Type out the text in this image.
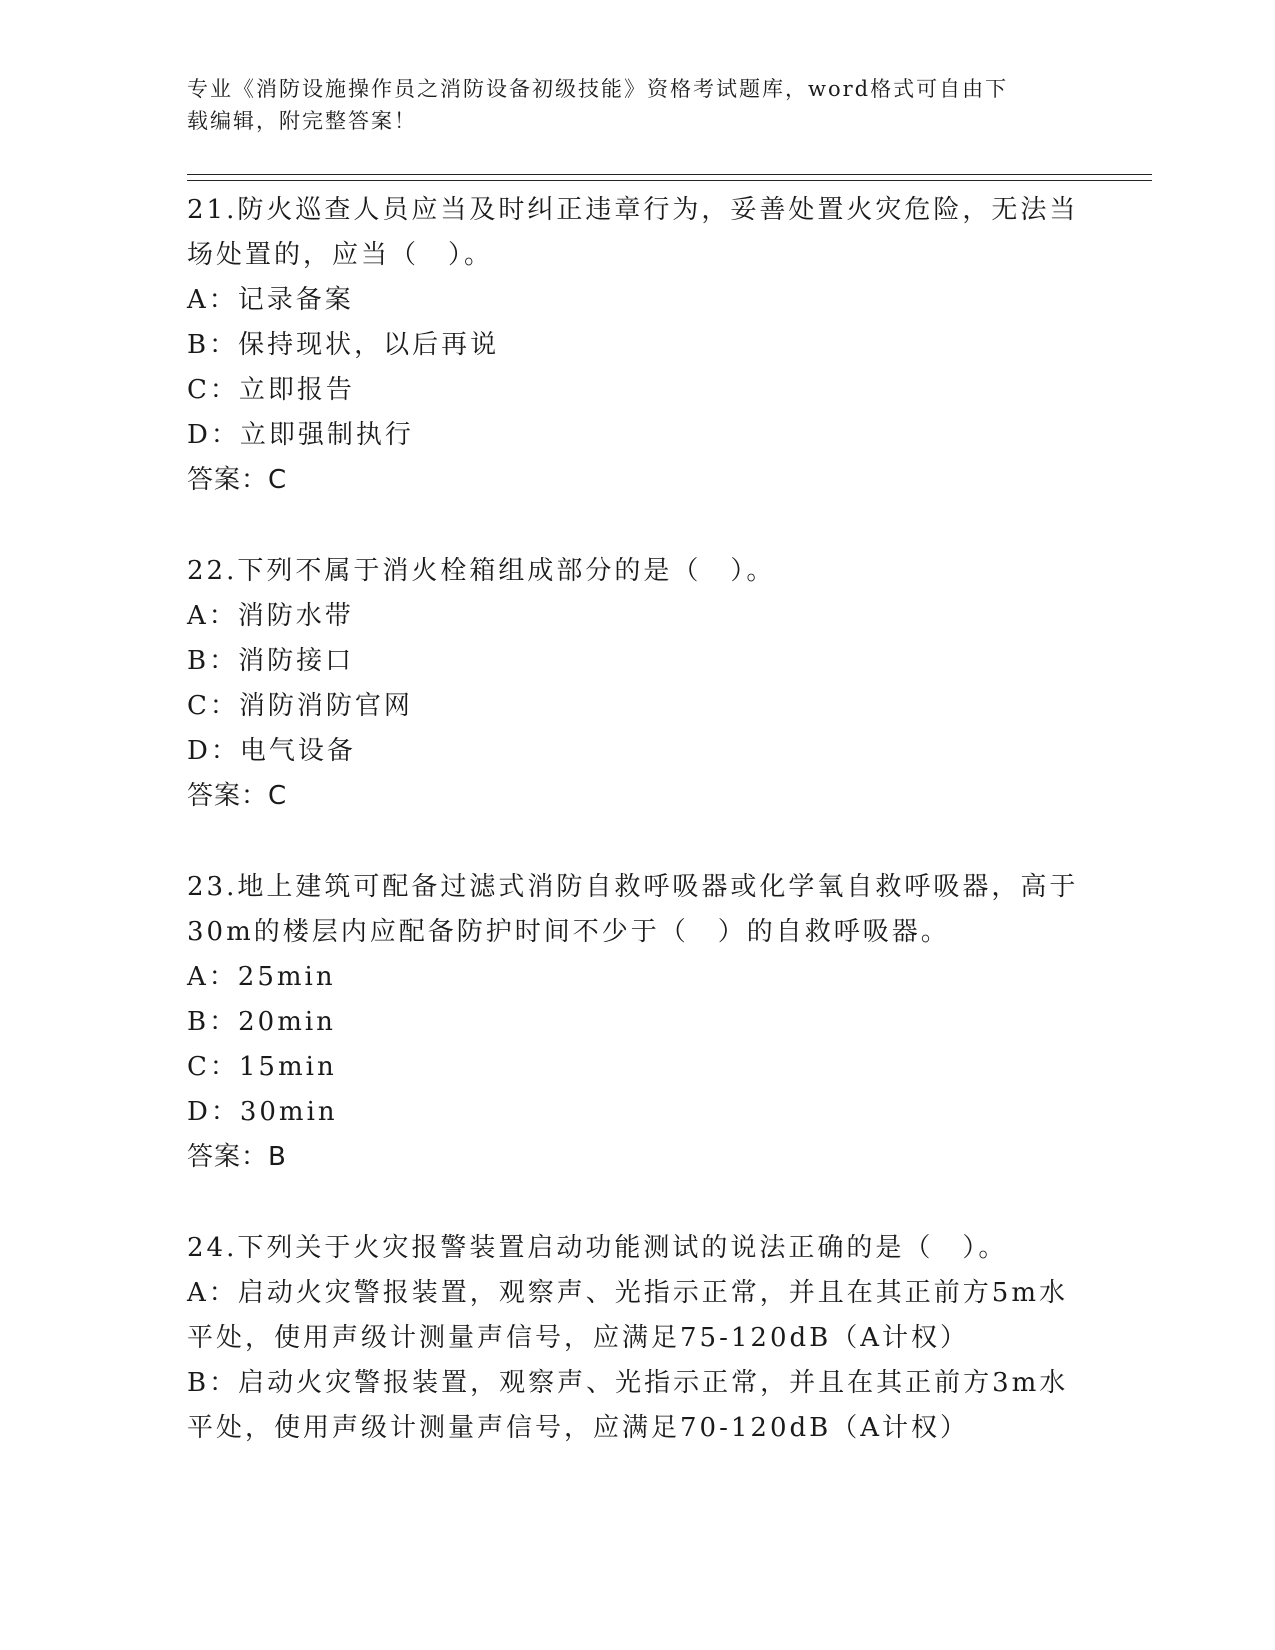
专业《消防设施操作员之消防设备初级技能》资格考试题库，word格式可自由下
载编辑，附完整答案！

21.防火巡查人员应当及时纠正违章行为，妥善处置火灾危险，无法当

场处置的，应当（　）。

A：记录备案

B：保持现状，以后再说

C：立即报告

D：立即强制执行

答案：C

22.下列不属于消火栓箱组成部分的是（　）。

A：消防水带

B：消防接口

C：消防消防官网

D：电气设备

答案：C

23.地上建筑可配备过滤式消防自救呼吸器或化学氧自救呼吸器，高于

30m的楼层内应配备防护时间不少于（　）的自救呼吸器。

A：25min

B：20min

C：15min

D：30min

答案：B

24.下列关于火灾报警装置启动功能测试的说法正确的是（　）。

A：启动火灾警报装置，观察声、光指示正常，并且在其正前方5m水

平处，使用声级计测量声信号，应满足75-120dB（A计权）

B：启动火灾警报装置，观察声、光指示正常，并且在其正前方3m水

平处，使用声级计测量声信号，应满足70-120dB（A计权）
